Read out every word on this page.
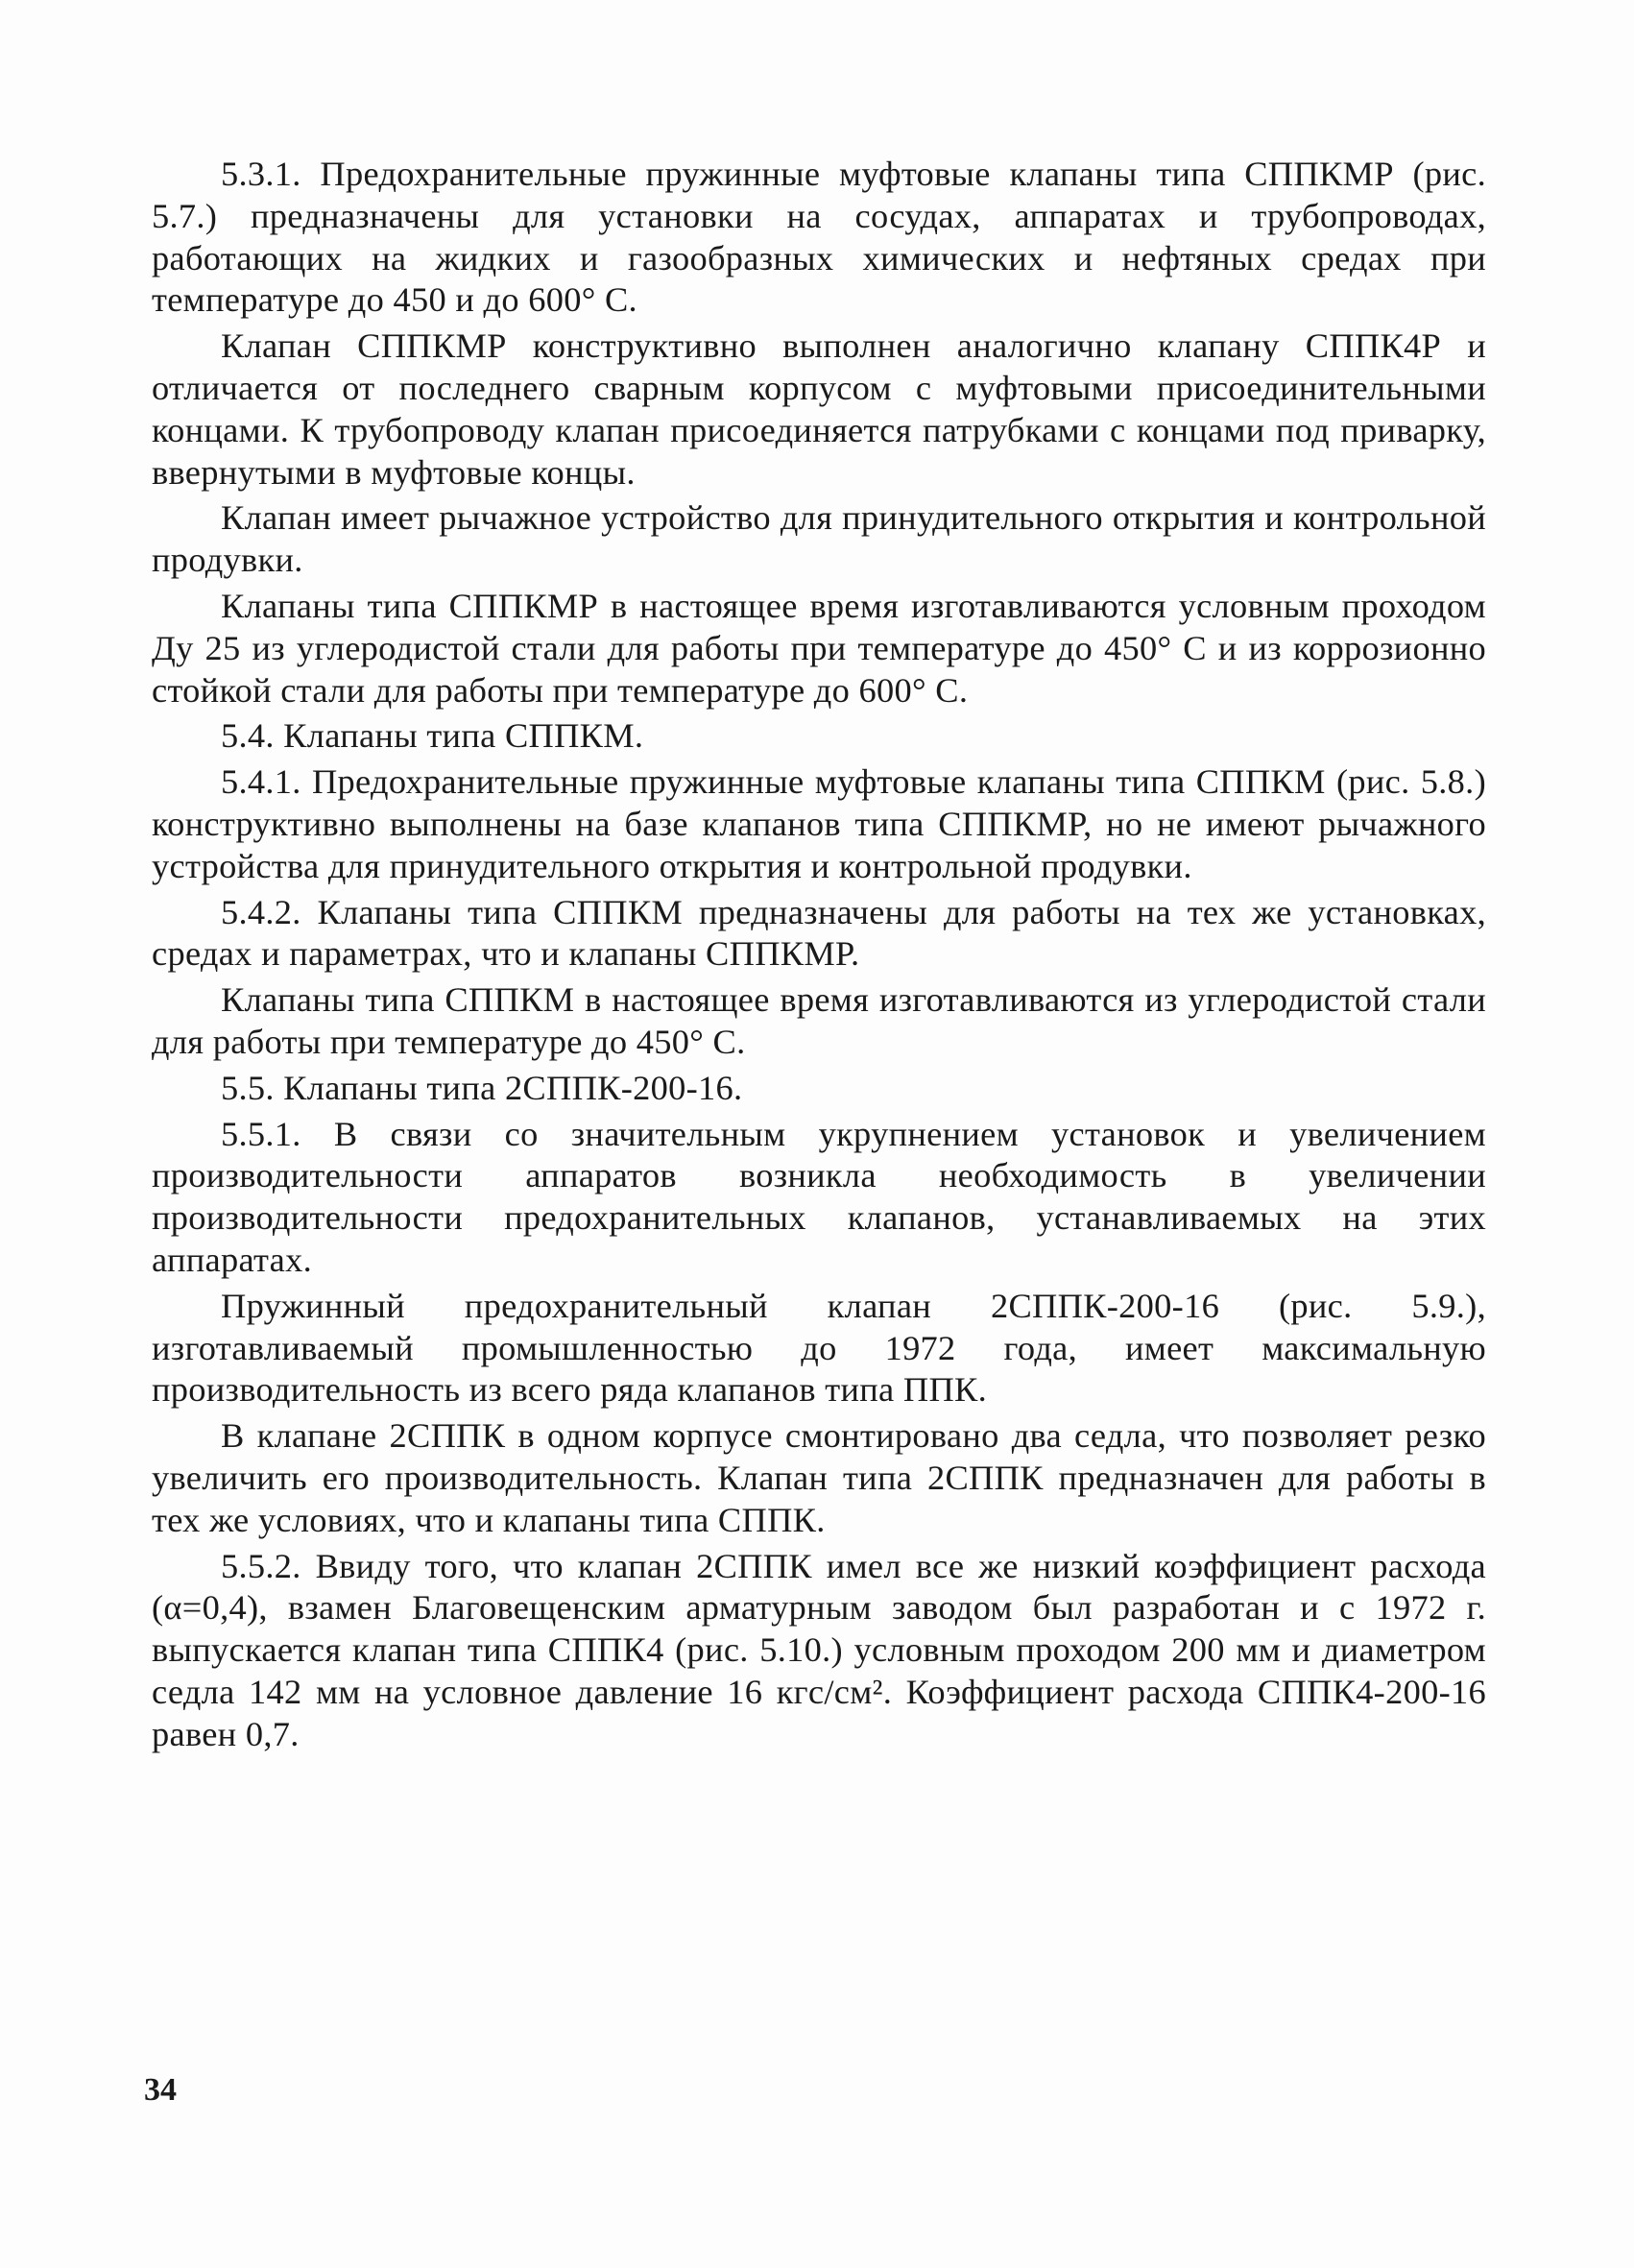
5.3.1. Предохранительные пружинные муфтовые клапаны типа СППКМР (рис. 5.7.) предназначены для установки на сосудах, аппаратах и трубопроводах, работающих на жидких и газообразных химических и нефтяных средах при температуре до 450 и до 600° С.

Клапан СППКМР конструктивно выполнен аналогично клапану СППК4Р и отличается от последнего сварным корпусом с муфтовыми присоединительными концами. К трубопроводу клапан присоединяется патрубками с концами под приварку, ввернутыми в муфтовые концы.

Клапан имеет рычажное устройство для принудительного открытия и контрольной продувки.

Клапаны типа СППКМР в настоящее время изготавливаются условным проходом Ду 25 из углеродистой стали для работы при температуре до 450° С и из коррозионно стойкой стали для работы при температуре до 600° С.

5.4. Клапаны типа СППКМ.

5.4.1. Предохранительные пружинные муфтовые клапаны типа СППКМ (рис. 5.8.) конструктивно выполнены на базе клапанов типа СППКМР, но не имеют рычажного устройства для принудительного открытия и контрольной продувки.

5.4.2. Клапаны типа СППКМ предназначены для работы на тех же установках, средах и параметрах, что и клапаны СППКМР.

Клапаны типа СППКМ в настоящее время изготавливаются из углеродистой стали для работы при температуре до 450° С.

5.5. Клапаны типа 2СППК-200-16.

5.5.1. В связи со значительным укрупнением установок и увеличением производительности аппаратов возникла необходимость в увеличении производительности предохранительных клапанов, устанавливаемых на этих аппаратах.

Пружинный предохранительный клапан 2СППК-200-16 (рис. 5.9.), изготавливаемый промышленностью до 1972 года, имеет максимальную производительность из всего ряда клапанов типа ППК.

В клапане 2СППК в одном корпусе смонтировано два седла, что позволяет резко увеличить его производительность. Клапан типа 2СППК предназначен для работы в тех же условиях, что и клапаны типа СППК.

5.5.2. Ввиду того, что клапан 2СППК имел все же низкий коэффициент расхода (α=0,4), взамен Благовещенским арматурным заводом был разработан и с 1972 г. выпускается клапан типа СППК4 (рис. 5.10.) условным проходом 200 мм и диаметром седла 142 мм на условное давление 16 кгс/см². Коэффициент расхода СППК4-200-16 равен 0,7.

34
